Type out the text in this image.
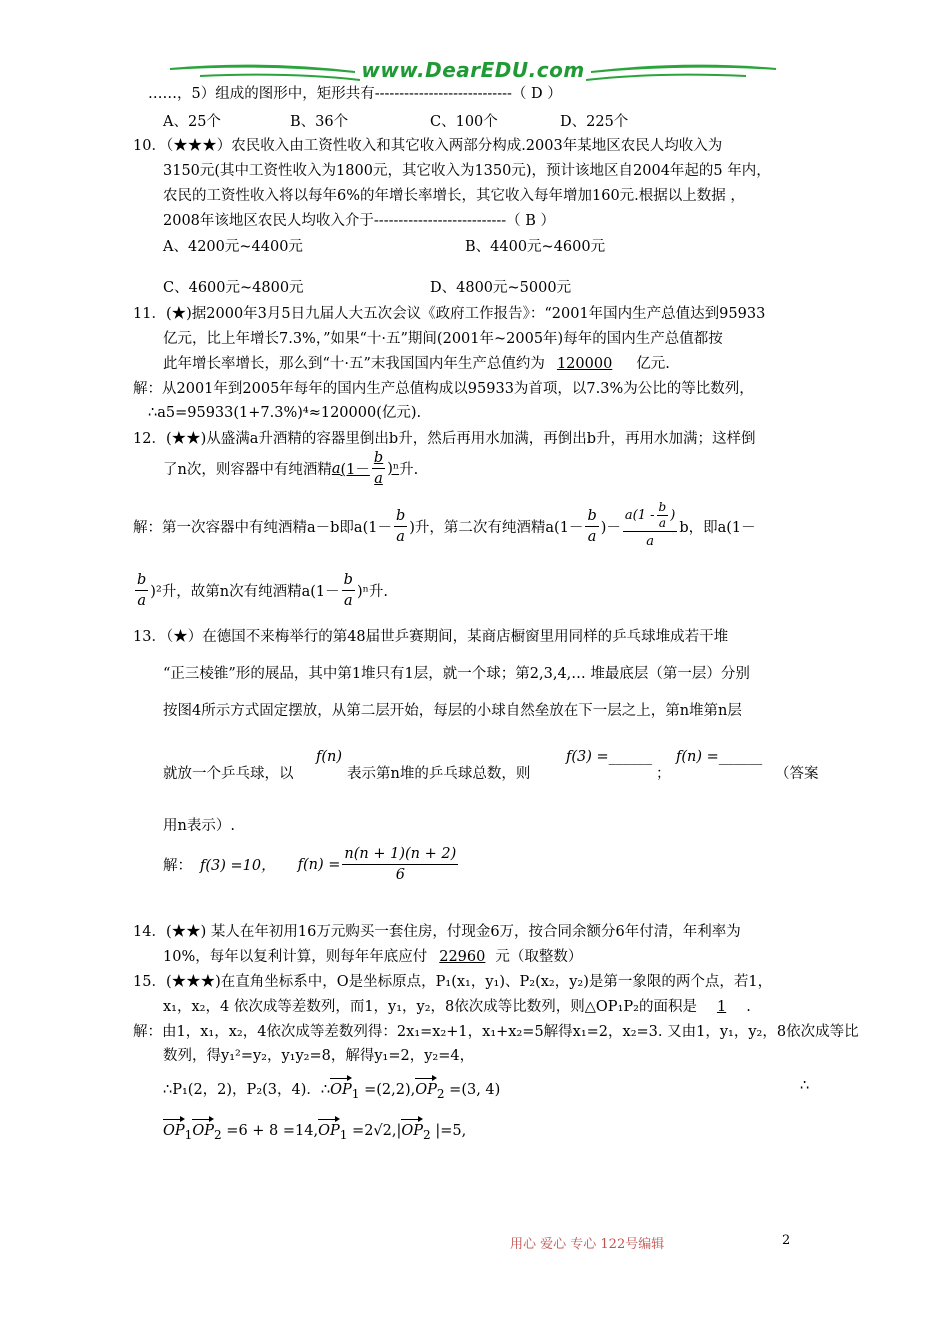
www.DearEDU.com
……，5）组成的图形中，矩形共有----------------------------（ D ）
A、25个	B、36个	C、100个	D、225个
10．（★★★）农民收入由工资性收入和其它收入两部分构成.2003年某地区农民人均收入为
3150元(其中工资性收入为1800元，其它收入为1350元)，预计该地区自2004年起的5 年内，
农民的工资性收入将以每年6%的年增长率增长，其它收入每年增加160元.根据以上数据 ，
2008年该地区农民人均收入介于---------------------------（ B ）
A、4200元~4400元	B、4400元~4600元
C、4600元~4800元	D、4800元~5000元
11．(★)据2000年3月5日九届人大五次会议《政府工作报告》：“2001年国内生产总值达到95933
亿元，比上年增长7.3%，”如果“十·五”期间(2001年~2005年)每年的国内生产总值都按
此年增长率增长，那么到“十·五”末我国国内年生产总值约为 120000 亿元.
解：从2001年到2005年每年的国内生产总值构成以95933为首项，以7.3%为公比的等比数列，
∴a5=95933(1+7.3%)⁴≈120000(亿元).
12．(★★)从盛满a升酒精的容器里倒出b升，然后再用水加满，再倒出b升，再用水加满；这样倒
了n次，则容器中有纯酒精 a $(1- \frac{b}{a} )^n$ 升.
解：第一次容器中有纯酒精a－b即$a(1- \frac{b}{a}$ )升，第二次有纯酒精$a(1- \frac{b}{a}$ )－ $\frac{a (1 - \frac{b}{a} )}{a}$ b，即a(1－
$\frac{b}{a} )^2$升，故第n次有纯酒精$a(1- \frac{b}{a} )^n$升.
13．（★）在德国不来梅举行的第48届世乒赛期间，某商店橱窗里用同样的乒乓球堆成若干堆
“正三棱锥”形的展品，其中第1堆只有1层，就一个球；第2,3,4,… 堆最底层（第一层）分别
按图4所示方式固定摆放，从第二层开始，每层的小球自然垒放在下一层之上，第n堆第n层
就放一个乒乓球，以
f(n)
表示第n堆的乒乓球总数，则
f(3) =______
；
f(n) =______
（答案
用n表示）.
解： f(3) =10， $f(n) = \frac{n(n + 1)(n + 2)}{6}$
14．(★★) 某人在年初用16万元购买一套住房，付现金6万，按合同余额分6年付清，年利率为
10%，每年以复利计算，则每年年底应付 22960 元（取整数）
15．(★★★)在直角坐标系中，O是坐标原点，P₁(x₁，y₁)、P₂(x₂，y₂)是第一象限的两个点，若1，
x₁，x₂，4 依次成等差数列，而1，y₁，y₂，8依次成等比数列，则△OP₁P₂的面积是 1 .
解：由1，x₁，x₂，4依次成等差数列得：2x₁=x₂+1，x₁+x₂=5解得x₁=2，x₂=3. 又由1，y₁，y₂，8依次成等比
数列，得y₁²=y₂，y₁y₂=8，解得y₁=2，y₂=4，
∴P₁(2，2)，P₂(3，4)．$\therefore OP_1 =(2,2),OP_2 =(3$, 4)	∴
$OP_1OP_2 =6 + 8 =14,OP_1 =2√2,|OP_2$ |=5,
用心 爱心 专心 122号编辑	2
